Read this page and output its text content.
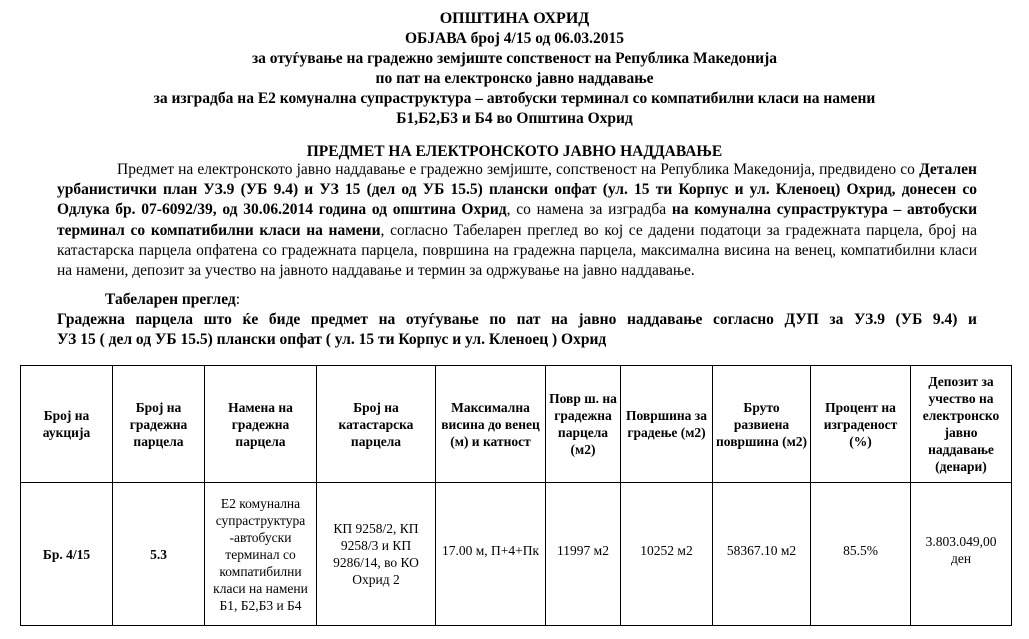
ОПШТИНА ОХРИД
ОБЈАВА број 4/15 од 06.03.2015
за отуѓување на градежно земјиште сопственост на Република Македонија
по пат на електронско јавно наддавање
за изградба на Е2 комунална супраструктура – автобуски терминал со компатибилни класи на намени
Б1,Б2,Б3 и Б4 во Општина Охрид
ПРЕДМЕТ НА ЕЛЕКТРОНСКОТО ЈАВНО НАДДАВАЊЕ
Предмет на електронското јавно наддавање е градежно земјиште, сопственост на Република Македонија, предвидено со Детален урбанистички план УЗ.9 (УБ 9.4) и УЗ 15 (дел од УБ 15.5) плански опфат (ул. 15 ти Корпус и ул. Кленоец) Охрид, донесен со Одлука бр. 07-6092/39, од 30.06.2014 година од општина Охрид, со намена за изградба на комунална супраструктура – автобуски терминал со компатибилни класи на намени, согласно Табеларен преглед во кој се дадени податоци за градежната парцела, број на катастарска парцела опфатена со градежната парцела, површина на градежна парцела, максимална висина на венец, компатибилни класи на намени, депозит за учество на јавното наддавање и термин за одржување на јавно наддавање.
Табеларен преглед:
Градежна парцела што ќе биде предмет на отуѓување по пат на јавно наддавање согласно ДУП за УЗ.9 (УБ 9.4) и
УЗ 15 ( дел од УБ 15.5) плански опфат ( ул. 15 ти Корпус и ул. Кленоец ) Охрид
Број на аукција	Број на градежна парцела	Намена на градежна парцела	Број на катастарска парцела	Максимална висина до венец (м) и катност	Повр ш. на градежна парцела (м2)	Површина за градење (м2)	Бруто развиена површина (м2)	Процент на изграденост (%)	Депозит за учество на електронско јавно наддавање (денари)
Бр. 4/15	5.3	Е2 комунална супраструктура -автобуски терминал со компатибилни класи на намени Б1, Б2,Б3 и Б4	КП 9258/2, КП 9258/3 и КП 9286/14, во КО Охрид 2	17.00 м, П+4+Пк	11997 м2	10252 м2	58367.10 м2	85.5%	3.803.049,00 ден
